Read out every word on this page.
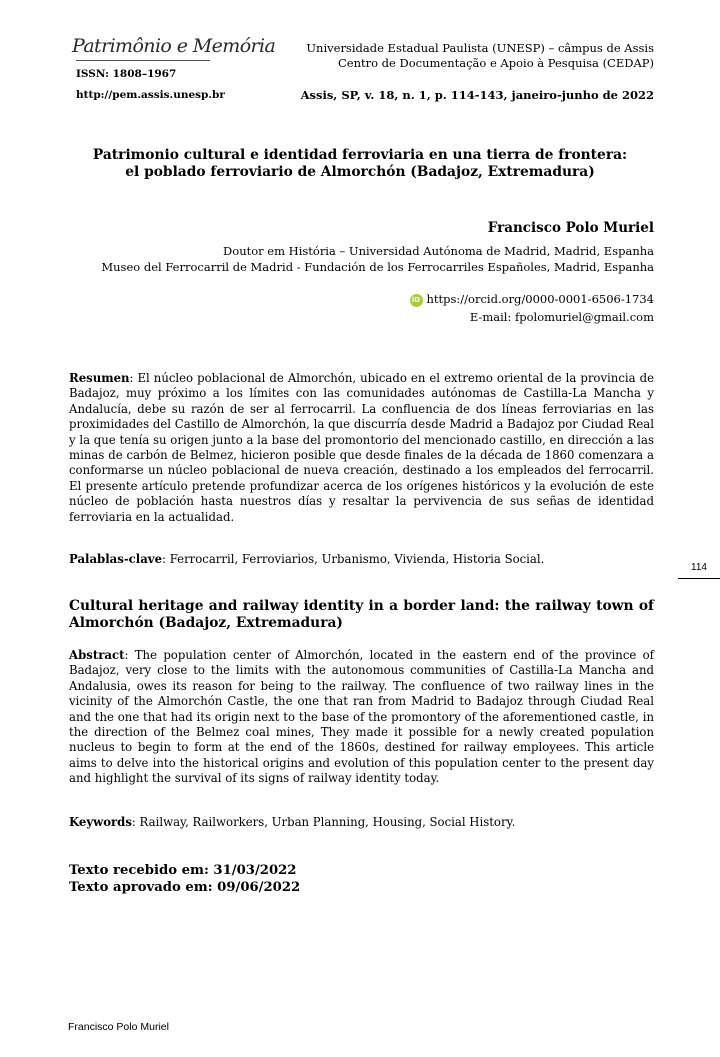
Patrimônio e Memória
ISSN: 1808–1967
http://pem.assis.unesp.br
Universidade Estadual Paulista (UNESP) – câmpus de Assis
Centro de Documentação e Apoio à Pesquisa (CEDAP)
Assis, SP, v. 18, n. 1, p. 114-143, janeiro-junho de 2022
Patrimonio cultural e identidad ferroviaria en una tierra de frontera:
el poblado ferroviario de Almorchón (Badajoz, Extremadura)
Francisco Polo Muriel
Doutor em História – Universidad Autónoma de Madrid, Madrid, Espanha
Museo del Ferrocarril de Madrid - Fundación de los Ferrocarriles Españoles, Madrid, Espanha
iD https://orcid.org/0000-0001-6506-1734
E-mail: fpolomuriel@gmail.com
Resumen: El núcleo poblacional de Almorchón, ubicado en el extremo oriental de la provincia de Badajoz, muy próximo a los límites con las comunidades autónomas de Castilla-La Mancha y Andalucía, debe su razón de ser al ferrocarril. La confluencia de dos líneas ferroviarias en las proximidades del Castillo de Almorchón, la que discurría desde Madrid a Badajoz por Ciudad Real y la que tenía su origen junto a la base del promontorio del mencionado castillo, en dirección a las minas de carbón de Belmez, hicieron posible que desde finales de la década de 1860 comenzara a conformarse un núcleo poblacional de nueva creación, destinado a los empleados del ferrocarril. El presente artículo pretende profundizar acerca de los orígenes históricos y la evolución de este núcleo de población hasta nuestros días y resaltar la pervivencia de sus señas de identidad ferroviaria en la actualidad.
Palablas-clave: Ferrocarril, Ferroviarios, Urbanismo, Vivienda, Historia Social.
114
Cultural heritage and railway identity in a border land: the railway town of Almorchón (Badajoz, Extremadura)
Abstract: The population center of Almorchón, located in the eastern end of the province of Badajoz, very close to the limits with the autonomous communities of Castilla-La Mancha and Andalusia, owes its reason for being to the railway. The confluence of two railway lines in the vicinity of the Almorchón Castle, the one that ran from Madrid to Badajoz through Ciudad Real and the one that had its origin next to the base of the promontory of the aforementioned castle, in the direction of the Belmez coal mines, They made it possible for a newly created population nucleus to begin to form at the end of the 1860s, destined for railway employees. This article aims to delve into the historical origins and evolution of this population center to the present day and highlight the survival of its signs of railway identity today.
Keywords: Railway, Railworkers, Urban Planning, Housing, Social History.
Texto recebido em: 31/03/2022
Texto aprovado em: 09/06/2022
Francisco Polo Muriel
